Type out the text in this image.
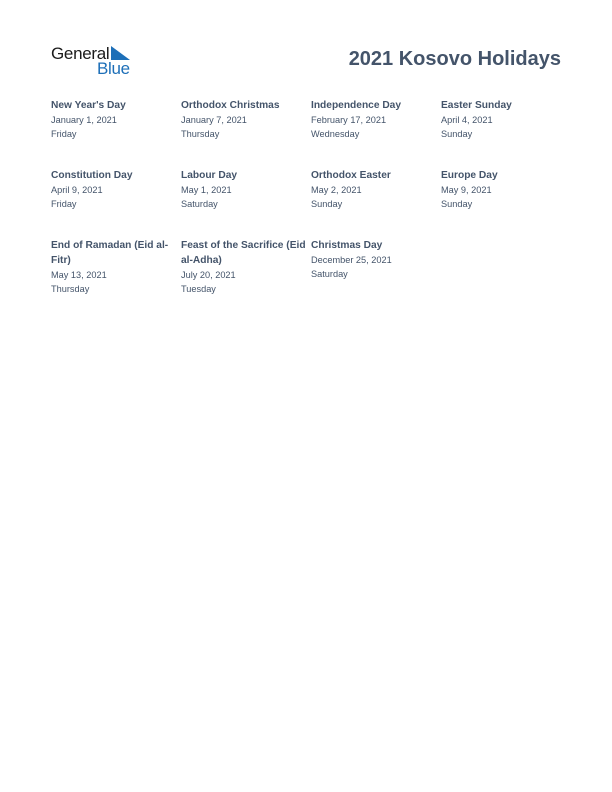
General
Blue	2021 Kosovo Holidays
New Year's Day
January 1, 2021
Friday
Orthodox Christmas
January 7, 2021
Thursday
Independence Day
February 17, 2021
Wednesday
Easter Sunday
April 4, 2021
Sunday
Constitution Day
April 9, 2021
Friday
Labour Day
May 1, 2021
Saturday
Orthodox Easter
May 2, 2021
Sunday
Europe Day
May 9, 2021
Sunday
End of Ramadan (Eid al-Fitr)
May 13, 2021
Thursday
Feast of the Sacrifice (Eid al-Adha)
July 20, 2021
Tuesday
Christmas Day
December 25, 2021
Saturday
